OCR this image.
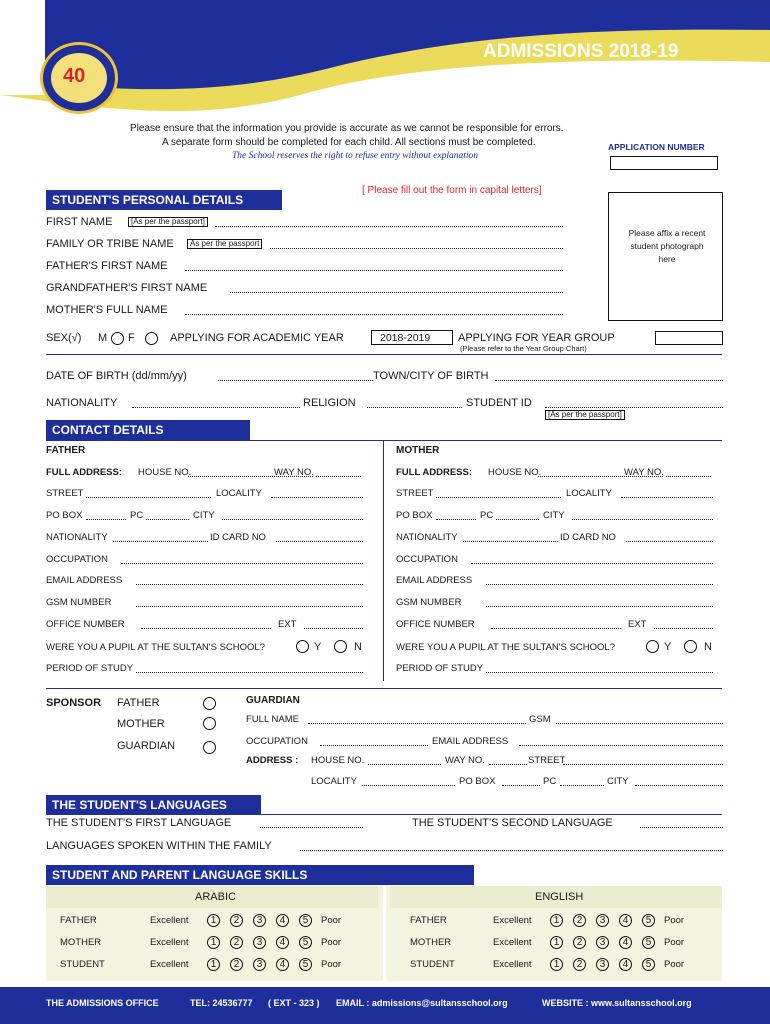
40
ADMISSIONS 2018-19
Please ensure that the information you provide is accurate as we cannot be responsible for errors.
A separate form should be completed for each child. All sections must be completed.
The School reserves the right to refuse entry without explanation
APPLICATION NUMBER
STUDENT'S PERSONAL DETAILS
[ Please fill out the form in capital letters]
FIRST NAME	[As per the passport]
FAMILY OR TRIBE NAME	As per the passport
FATHER'S FIRST NAME
GRANDFATHER'S FIRST NAME
MOTHER'S FULL NAME
Please affix a recent student photograph here
SEX(√) M F	APPLYING FOR ACADEMIC YEAR	2018-2019	APPLYING FOR YEAR GROUP
(Please refer to the Year Group Chart)
DATE OF BIRTH (dd/mm/yy)	TOWN/CITY OF BIRTH
NATIONALITY	RELIGION	STUDENT ID
[As per the passport]
CONTACT DETAILS
FATHER
FULL ADDRESS: HOUSE NO.	WAY NO.
STREET	LOCALITY
PO BOX	PC	CITY
NATIONALITY	ID CARD NO
OCCUPATION
EMAIL ADDRESS
GSM NUMBER
OFFICE NUMBER	EXT
WERE YOU A PUPIL AT THE SULTAN'S SCHOOL?	Y	N
PERIOD OF STUDY
MOTHER
FULL ADDRESS: HOUSE NO.	WAY NO.
STREET	LOCALITY
PO BOX	PC	CITY
NATIONALITY	ID CARD NO
OCCUPATION
EMAIL ADDRESS
GSM NUMBER
OFFICE NUMBER	EXT
WERE YOU A PUPIL AT THE SULTAN'S SCHOOL?	Y	N
PERIOD OF STUDY
SPONSOR FATHER
MOTHER
GUARDIAN
GUARDIAN
FULL NAME	GSM
OCCUPATION	EMAIL ADDRESS
ADDRESS : HOUSE NO.	WAY NO.	STREET
LOCALITY	PO BOX	PC	CITY
THE STUDENT'S LANGUAGES
THE STUDENT'S FIRST LANGUAGE	THE STUDENT'S SECOND LANGUAGE
LANGUAGES SPOKEN WITHIN THE FAMILY
STUDENT AND PARENT LANGUAGE SKILLS
ARABIC	ENGLISH
FATHER	Excellent	1	2	3	4	5	Poor	FATHER	Excellent	1	2	3	4	5	Poor
MOTHER	Excellent	1	2	3	4	5	Poor	MOTHER	Excellent	1	2	3	4	5	Poor
STUDENT	Excellent	1	2	3	4	5	Poor	STUDENT	Excellent	1	2	3	4	5	Poor
THE ADMISSIONS OFFICE	TEL: 24536777 ( EXT - 323 ) EMAIL : admissions@sultansschool.org	WEBSITE : www.sultansschool.org
